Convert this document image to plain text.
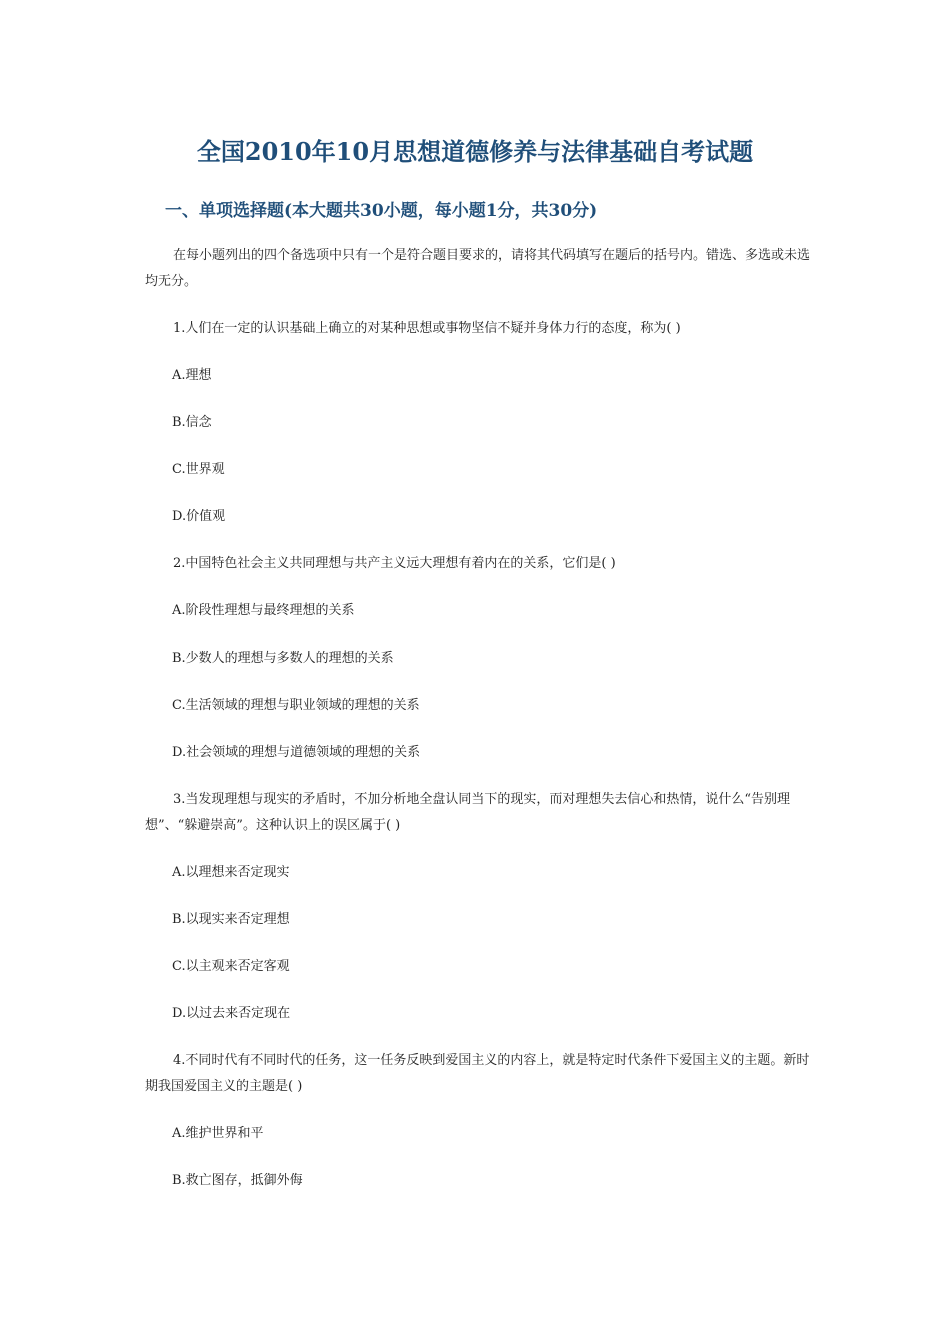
全国2010年10月思想道德修养与法律基础自考试题
一、单项选择题(本大题共30小题，每小题1分，共30分)

在每小题列出的四个备选项中只有一个是符合题目要求的，请将其代码填写在题后的括号内。错选、多选或未选均无分。

1.人们在一定的认识基础上确立的对某种思想或事物坚信不疑并身体力行的态度，称为( )

A.理想

B.信念

C.世界观

D.价值观

2.中国特色社会主义共同理想与共产主义远大理想有着内在的关系，它们是( )

A.阶段性理想与最终理想的关系

B.少数人的理想与多数人的理想的关系

C.生活领域的理想与职业领域的理想的关系

D.社会领域的理想与道德领域的理想的关系

3.当发现理想与现实的矛盾时，不加分析地全盘认同当下的现实，而对理想失去信心和热情，说什么“告别理想”、“躲避崇高”。这种认识上的误区属于( )

A.以理想来否定现实

B.以现实来否定理想

C.以主观来否定客观

D.以过去来否定现在

4.不同时代有不同时代的任务，这一任务反映到爱国主义的内容上，就是特定时代条件下爱国主义的主题。新时期我国爱国主义的主题是( )

A.维护世界和平

B.救亡图存，抵御外侮
